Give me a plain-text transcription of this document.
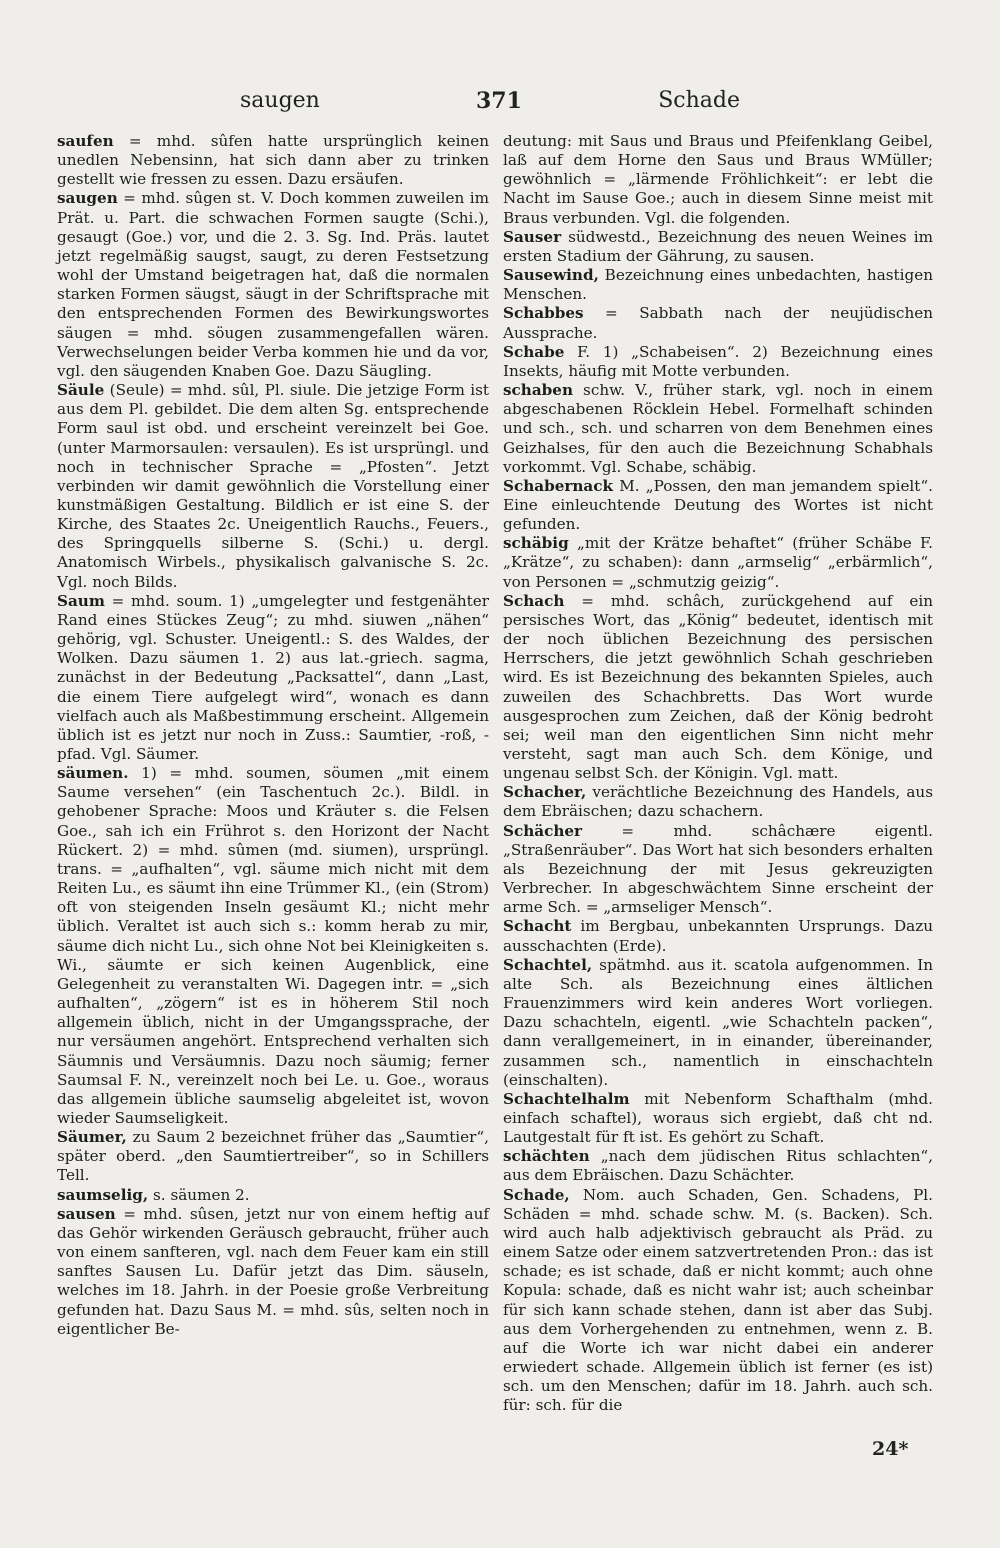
saugen	371	Schade

saufen = mhd. sûfen hatte ursprünglich keinen unedlen Nebensinn, hat sich dann aber zu trinken gestellt wie fressen zu essen. Dazu ersäufen.

saugen = mhd. sûgen st. V. Doch kommen zuweilen im Prät. u. Part. die schwachen Formen saugte (Schi.), gesaugt (Goe.) vor, und die 2. 3. Sg. Ind. Präs. lautet jetzt regelmäßig saugst, saugt, zu deren Festsetzung wohl der Umstand beigetragen hat, daß die normalen starken Formen säugst, säugt in der Schriftsprache mit den entsprechenden Formen des Bewirkungswortes säugen = mhd. söugen zusammengefallen wären. Verwechselungen beider Verba kommen hie und da vor, vgl. den säugenden Knaben Goe. Dazu Säugling.

Säule (Seule) = mhd. sûl, Pl. siule. Die jetzige Form ist aus dem Pl. gebildet. Die dem alten Sg. entsprechende Form saul ist obd. und erscheint vereinzelt bei Goe. (unter Marmorsaulen: versaulen). Es ist ursprüngl. und noch in technischer Sprache = „Pfosten“. Jetzt verbinden wir damit gewöhnlich die Vorstellung einer kunstmäßigen Gestaltung. Bildlich er ist eine S. der Kirche, des Staates 2c. Uneigentlich Rauchs., Feuers., des Springquells silberne S. (Schi.) u. dergl. Anatomisch Wirbels., physikalisch galvanische S. 2c. Vgl. noch Bilds.

Saum = mhd. soum. 1) „umgelegter und festgenähter Rand eines Stückes Zeug“; zu mhd. siuwen „nähen“ gehörig, vgl. Schuster. Uneigentl.: S. des Waldes, der Wolken. Dazu säumen 1. 2) aus lat.-griech. sagma, zunächst in der Bedeutung „Packsattel“, dann „Last, die einem Tiere aufgelegt wird“, wonach es dann vielfach auch als Maßbestimmung erscheint. Allgemein üblich ist es jetzt nur noch in Zuss.: Saumtier, -roß, -pfad. Vgl. Säumer.

säumen. 1) = mhd. soumen, söumen „mit einem Saume versehen“ (ein Taschentuch 2c.). Bildl. in gehobener Sprache: Moos und Kräuter s. die Felsen Goe., sah ich ein Frührot s. den Horizont der Nacht Rückert. 2) = mhd. sûmen (md. siumen), ursprüngl. trans. = „aufhalten“, vgl. säume mich nicht mit dem Reiten Lu., es säumt ihn eine Trümmer Kl., (ein (Strom) oft von steigenden Inseln gesäumt Kl.; nicht mehr üblich. Veraltet ist auch sich s.: komm herab zu mir, säume dich nicht Lu., sich ohne Not bei Kleinigkeiten s. Wi., säumte er sich keinen Augenblick, eine Gelegenheit zu veranstalten Wi. Dagegen intr. = „sich aufhalten“, „zögern“ ist es in höherem Stil noch allgemein üblich, nicht in der Umgangssprache, der nur versäumen angehört. Entsprechend verhalten sich Säumnis und Versäumnis. Dazu noch säumig; ferner Saumsal F. N., vereinzelt noch bei Le. u. Goe., woraus das allgemein übliche saumselig abgeleitet ist, wovon wieder Saumseligkeit.

Säumer, zu Saum 2 bezeichnet früher das „Saumtier“, später oberd. „den Saumtiertreiber“, so in Schillers Tell.

saumselig, s. säumen 2.

sausen = mhd. sûsen, jetzt nur von einem heftig auf das Gehör wirkenden Geräusch gebraucht, früher auch von einem sanfteren, vgl. nach dem Feuer kam ein still sanftes Sausen Lu. Dafür jetzt das Dim. säuseln, welches im 18. Jahrh. in der Poesie große Verbreitung gefunden hat. Dazu Saus M. = mhd. sûs, selten noch in eigentlicher Be-

deutung: mit Saus und Braus und Pfeifenklang Geibel, laß auf dem Horne den Saus und Braus WMüller; gewöhnlich = „lärmende Fröhlichkeit“: er lebt die Nacht im Sause Goe.; auch in diesem Sinne meist mit Braus verbunden. Vgl. die folgenden.

Sauser südwestd., Bezeichnung des neuen Weines im ersten Stadium der Gährung, zu sausen.

Sausewind, Bezeichnung eines unbedachten, hastigen Menschen.

Schabbes = Sabbath nach der neujüdischen Aussprache.

Schabe F. 1) „Schabeisen“. 2) Bezeichnung eines Insekts, häufig mit Motte verbunden.

schaben schw. V., früher stark, vgl. noch in einem abgeschabenen Röcklein Hebel. Formelhaft schinden und sch., sch. und scharren von dem Benehmen eines Geizhalses, für den auch die Bezeichnung Schabhals vorkommt. Vgl. Schabe, schäbig.

Schabernack M. „Possen, den man jemandem spielt“. Eine einleuchtende Deutung des Wortes ist nicht gefunden.

schäbig „mit der Krätze behaftet“ (früher Schäbe F. „Krätze“, zu schaben): dann „armselig“ „erbärmlich“, von Personen = „schmutzig geizig“.

Schach = mhd. schâch, zurückgehend auf ein persisches Wort, das „König“ bedeutet, identisch mit der noch üblichen Bezeichnung des persischen Herrschers, die jetzt gewöhnlich Schah geschrieben wird. Es ist Bezeichnung des bekannten Spieles, auch zuweilen des Schachbretts. Das Wort wurde ausgesprochen zum Zeichen, daß der König bedroht sei; weil man den eigentlichen Sinn nicht mehr versteht, sagt man auch Sch. dem Könige, und ungenau selbst Sch. der Königin. Vgl. matt.

Schacher, verächtliche Bezeichnung des Handels, aus dem Ebräischen; dazu schachern.

Schächer = mhd. schâchære eigentl. „Straßenräuber“. Das Wort hat sich besonders erhalten als Bezeichnung der mit Jesus gekreuzigten Verbrecher. In abgeschwächtem Sinne erscheint der arme Sch. = „armseliger Mensch“.

Schacht im Bergbau, unbekannten Ursprungs. Dazu ausschachten (Erde).

Schachtel, spätmhd. aus it. scatola aufgenommen. In alte Sch. als Bezeichnung eines ältlichen Frauenzimmers wird kein anderes Wort vorliegen. Dazu schachteln, eigentl. „wie Schachteln packen“, dann verallgemeinert, in in einander, übereinander, zusammen sch., namentlich in einschachteln (einschalten).

Schachtelhalm mit Nebenform Schafthalm (mhd. einfach schaftel), woraus sich ergiebt, daß cht nd. Lautgestalt für ft ist. Es gehört zu Schaft.

schächten „nach dem jüdischen Ritus schlachten“, aus dem Ebräischen. Dazu Schächter.

Schade, Nom. auch Schaden, Gen. Schadens, Pl. Schäden = mhd. schade schw. M. (s. Backen). Sch. wird auch halb adjektivisch gebraucht als Präd. zu einem Satze oder einem satzvertretenden Pron.: das ist schade; es ist schade, daß er nicht kommt; auch ohne Kopula: schade, daß es nicht wahr ist; auch scheinbar für sich kann schade stehen, dann ist aber das Subj. aus dem Vorhergehenden zu entnehmen, wenn z. B. auf die Worte ich war nicht dabei ein anderer erwiedert schade. Allgemein üblich ist ferner (es ist) sch. um den Menschen; dafür im 18. Jahrh. auch sch. für: sch. für die

24*
